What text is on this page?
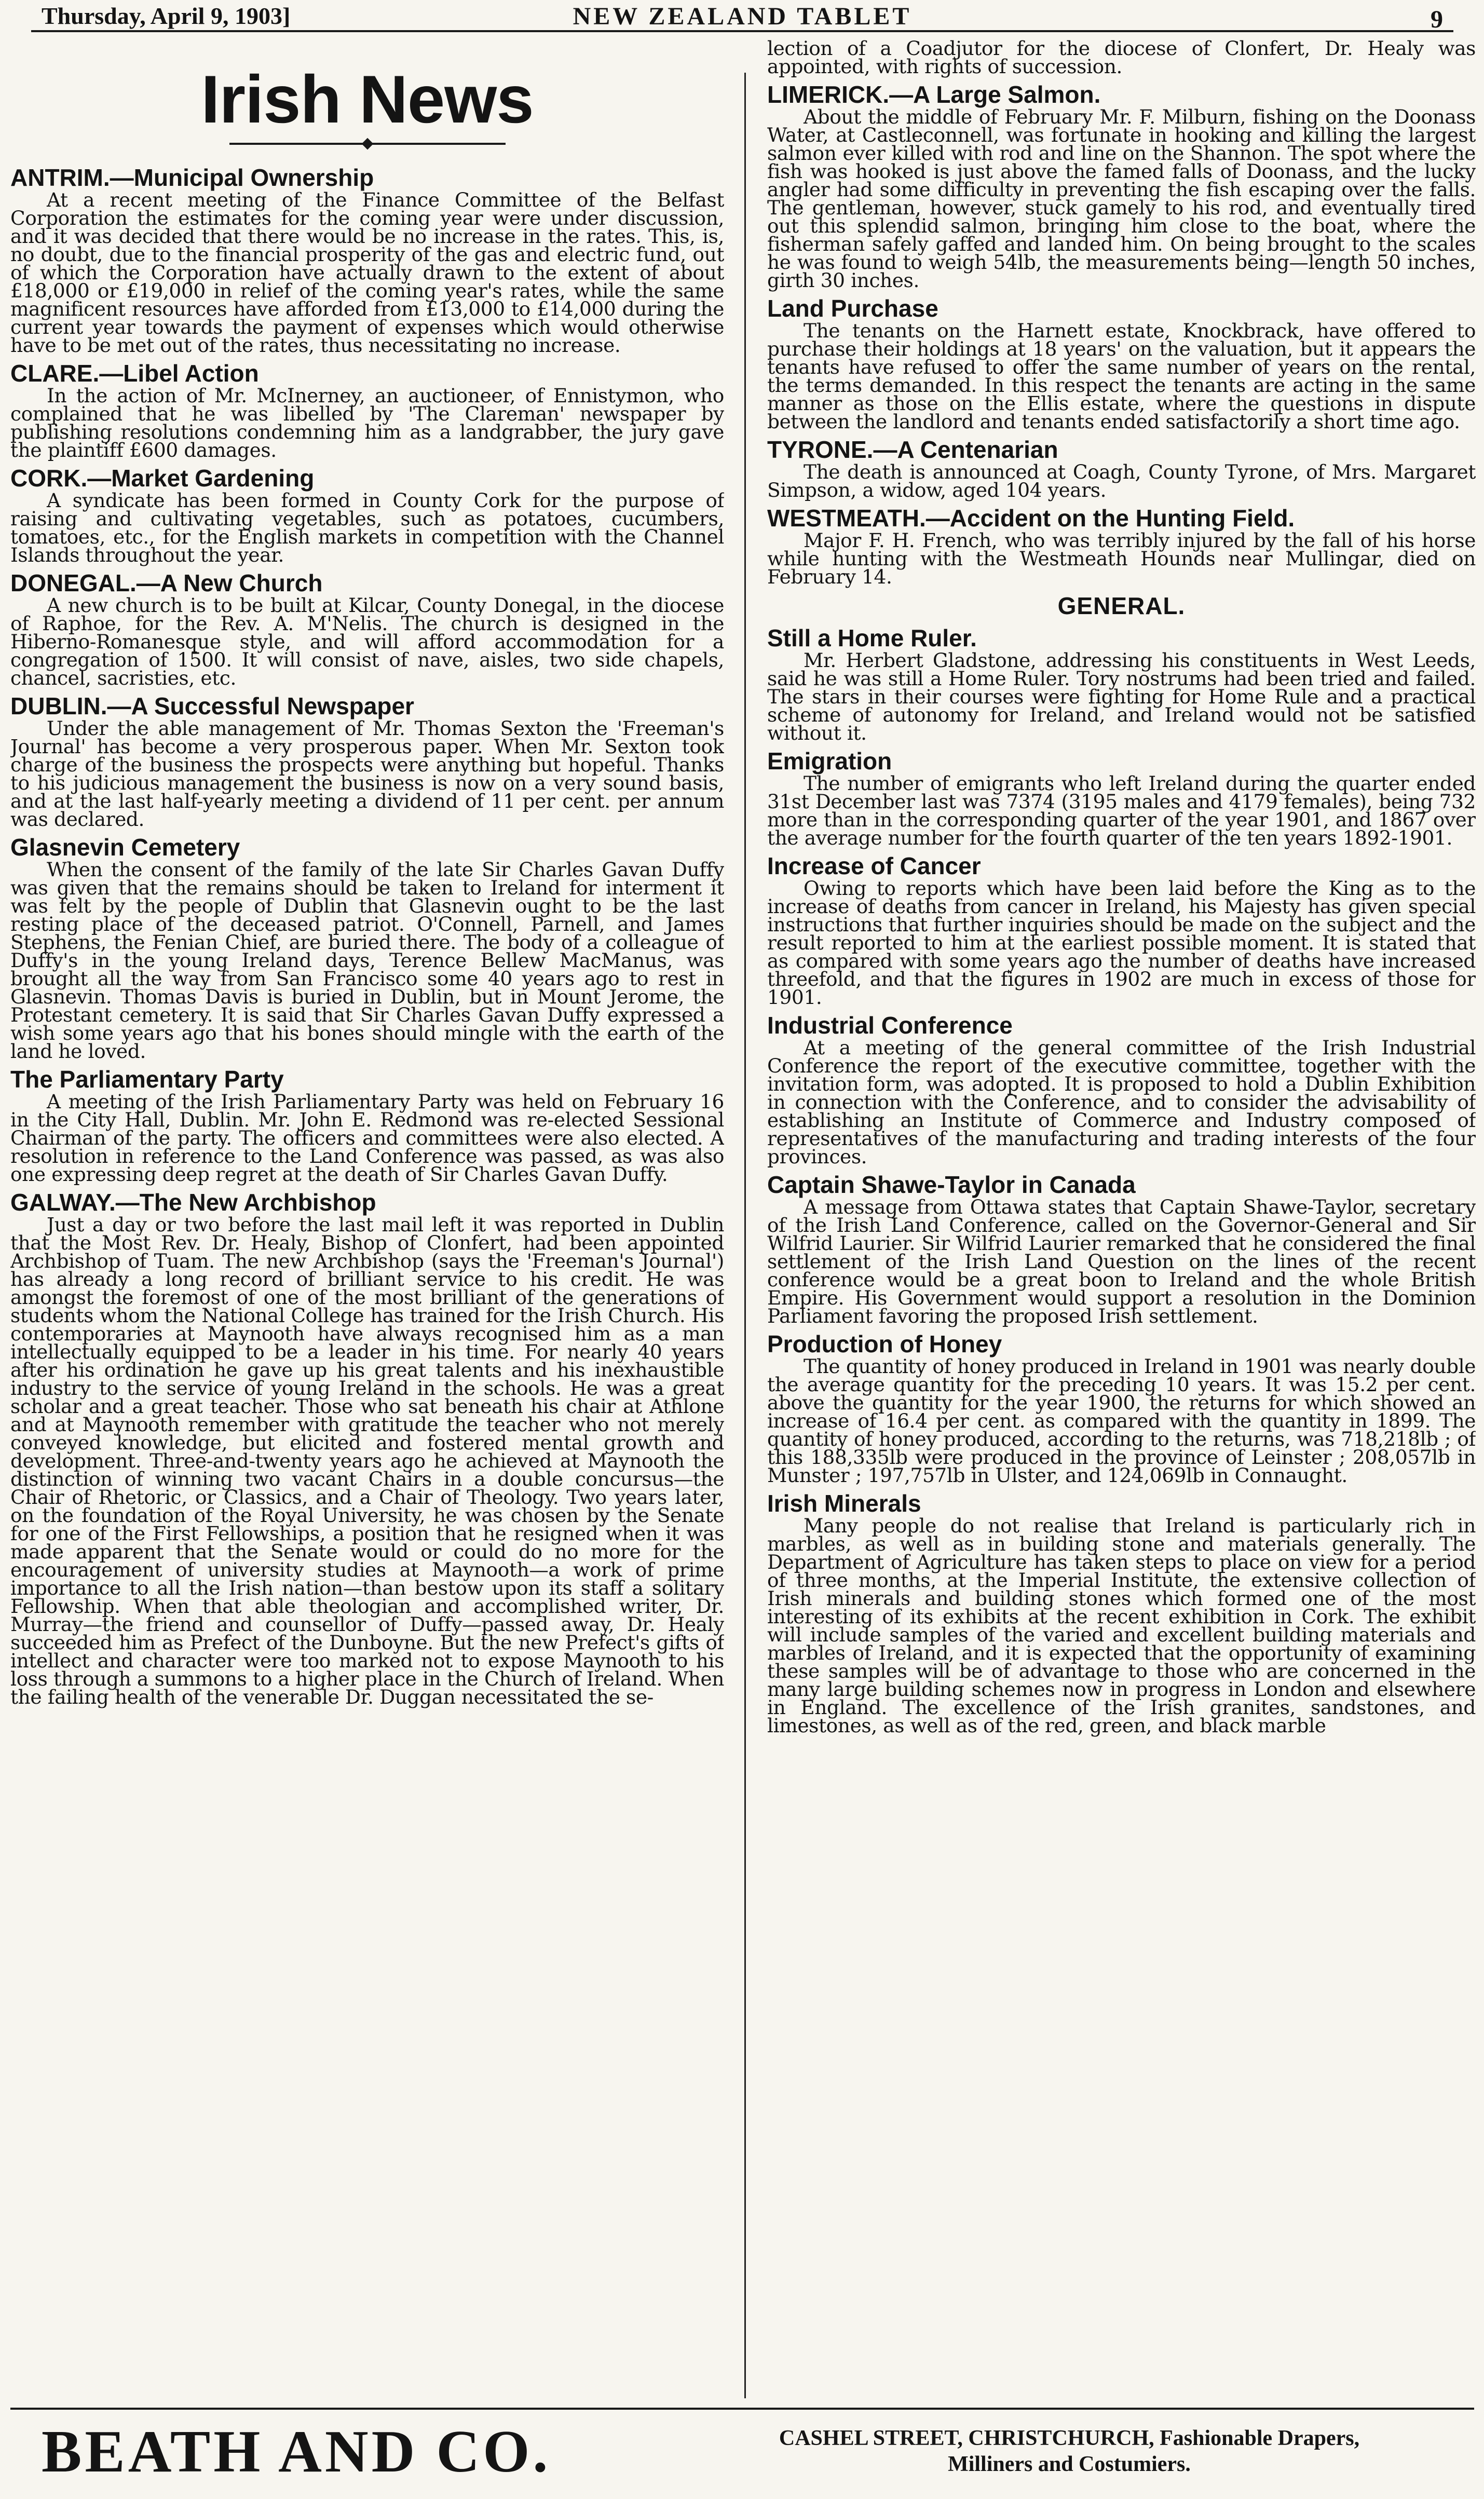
Thursday, April 9, 1903]	NEW ZEALAND TABLET	9
Irish News
ANTRIM.—Municipal Ownership

At a recent meeting of the Finance Committee of the Belfast Corporation the estimates for the coming year were under discussion, and it was decided that there would be no increase in the rates. This, is, no doubt, due to the financial prosperity of the gas and electric fund, out of which the Corporation have actually drawn to the extent of about £18,000 or £19,000 in relief of the coming year's rates, while the same magnificent resources have afforded from £13,000 to £14,000 during the current year towards the payment of expenses which would otherwise have to be met out of the rates, thus necessitating no increase.

CLARE.—Libel Action

In the action of Mr. McInerney, an auctioneer, of Ennistymon, who complained that he was libelled by 'The Clareman' newspaper by publishing resolutions condemning him as a landgrabber, the jury gave the plaintiff £600 damages.

CORK.—Market Gardening

A syndicate has been formed in County Cork for the purpose of raising and cultivating vegetables, such as potatoes, cucumbers, tomatoes, etc., for the English markets in competition with the Channel Islands throughout the year.

DONEGAL.—A New Church

A new church is to be built at Kilcar, County Donegal, in the diocese of Raphoe, for the Rev. A. M'Nelis. The church is designed in the Hiberno-Romanesque style, and will afford accommodation for a congregation of 1500. It will consist of nave, aisles, two side chapels, chancel, sacristies, etc.

DUBLIN.—A Successful Newspaper

Under the able management of Mr. Thomas Sexton the 'Freeman's Journal' has become a very prosperous paper. When Mr. Sexton took charge of the business the prospects were anything but hopeful. Thanks to his judicious management the business is now on a very sound basis, and at the last half-yearly meeting a dividend of 11 per cent. per annum was declared.

Glasnevin Cemetery

When the consent of the family of the late Sir Charles Gavan Duffy was given that the remains should be taken to Ireland for interment it was felt by the people of Dublin that Glasnevin ought to be the last resting place of the deceased patriot. O'Connell, Parnell, and James Stephens, the Fenian Chief, are buried there. The body of a colleague of Duffy's in the young Ireland days, Terence Bellew MacManus, was brought all the way from San Francisco some 40 years ago to rest in Glasnevin. Thomas Davis is buried in Dublin, but in Mount Jerome, the Protestant cemetery. It is said that Sir Charles Gavan Duffy expressed a wish some years ago that his bones should mingle with the earth of the land he loved.

The Parliamentary Party

A meeting of the Irish Parliamentary Party was held on February 16 in the City Hall, Dublin. Mr. John E. Redmond was re-elected Sessional Chairman of the party. The officers and committees were also elected. A resolution in reference to the Land Conference was passed, as was also one expressing deep regret at the death of Sir Charles Gavan Duffy.

GALWAY.—The New Archbishop

Just a day or two before the last mail left it was reported in Dublin that the Most Rev. Dr. Healy, Bishop of Clonfert, had been appointed Archbishop of Tuam. The new Archbishop (says the 'Freeman's Journal') has already a long record of brilliant service to his credit. He was amongst the foremost of one of the most brilliant of the generations of students whom the National College has trained for the Irish Church. His contemporaries at Maynooth have always recognised him as a man intellectually equipped to be a leader in his time. For nearly 40 years after his ordination he gave up his great talents and his inexhaustible industry to the service of young Ireland in the schools. He was a great scholar and a great teacher. Those who sat beneath his chair at Athlone and at Maynooth remember with gratitude the teacher who not merely conveyed knowledge, but elicited and fostered mental growth and development. Three-and-twenty years ago he achieved at Maynooth the distinction of winning two vacant Chairs in a double concursus—the Chair of Rhetoric, or Classics, and a Chair of Theology. Two years later, on the foundation of the Royal University, he was chosen by the Senate for one of the First Fellowships, a position that he resigned when it was made apparent that the Senate would or could do no more for the encouragement of university studies at Maynooth—a work of prime importance to all the Irish nation—than bestow upon its staff a solitary Fellowship. When that able theologian and accomplished writer, Dr. Murray—the friend and counsellor of Duffy—passed away, Dr. Healy succeeded him as Prefect of the Dunboyne. But the new Prefect's gifts of intellect and character were too marked not to expose Maynooth to his loss through a summons to a higher place in the Church of Ireland. When the failing health of the venerable Dr. Duggan necessitated the se-

lection of a Coadjutor for the diocese of Clonfert, Dr. Healy was appointed, with rights of succession.

LIMERICK.—A Large Salmon.

About the middle of February Mr. F. Milburn, fishing on the Doonass Water, at Castleconnell, was fortunate in hooking and killing the largest salmon ever killed with rod and line on the Shannon. The spot where the fish was hooked is just above the famed falls of Doonass, and the lucky angler had some difficulty in preventing the fish escaping over the falls. The gentleman, however, stuck gamely to his rod, and eventually tired out this splendid salmon, bringing him close to the boat, where the fisherman safely gaffed and landed him. On being brought to the scales he was found to weigh 54lb, the measurements being—length 50 inches, girth 30 inches.

Land Purchase

The tenants on the Harnett estate, Knockbrack, have offered to purchase their holdings at 18 years' on the valuation, but it appears the tenants have refused to offer the same number of years on the rental, the terms demanded. In this respect the tenants are acting in the same manner as those on the Ellis estate, where the questions in dispute between the landlord and tenants ended satisfactorily a short time ago.

TYRONE.—A Centenarian

The death is announced at Coagh, County Tyrone, of Mrs. Margaret Simpson, a widow, aged 104 years.

WESTMEATH.—Accident on the Hunting Field.

Major F. H. French, who was terribly injured by the fall of his horse while hunting with the Westmeath Hounds near Mullingar, died on February 14.

GENERAL.
Still a Home Ruler.

Mr. Herbert Gladstone, addressing his constituents in West Leeds, said he was still a Home Ruler. Tory nostrums had been tried and failed. The stars in their courses were fighting for Home Rule and a practical scheme of autonomy for Ireland, and Ireland would not be satisfied without it.

Emigration

The number of emigrants who left Ireland during the quarter ended 31st December last was 7374 (3195 males and 4179 females), being 732 more than in the corresponding quarter of the year 1901, and 1867 over the average number for the fourth quarter of the ten years 1892-1901.

Increase of Cancer

Owing to reports which have been laid before the King as to the increase of deaths from cancer in Ireland, his Majesty has given special instructions that further inquiries should be made on the subject and the result reported to him at the earliest possible moment. It is stated that as compared with some years ago the number of deaths have increased threefold, and that the figures in 1902 are much in excess of those for 1901.

Industrial Conference

At a meeting of the general committee of the Irish Industrial Conference the report of the executive committee, together with the invitation form, was adopted. It is proposed to hold a Dublin Exhibition in connection with the Conference, and to consider the advisability of establishing an Institute of Commerce and Industry composed of representatives of the manufacturing and trading interests of the four provinces.

Captain Shawe-Taylor in Canada

A message from Ottawa states that Captain Shawe-Taylor, secretary of the Irish Land Conference, called on the Governor-General and Sir Wilfrid Laurier. Sir Wilfrid Laurier remarked that he considered the final settlement of the Irish Land Question on the lines of the recent conference would be a great boon to Ireland and the whole British Empire. His Government would support a resolution in the Dominion Parliament favoring the proposed Irish settlement.

Production of Honey

The quantity of honey produced in Ireland in 1901 was nearly double the average quantity for the preceding 10 years. It was 15.2 per cent. above the quantity for the year 1900, the returns for which showed an increase of 16.4 per cent. as compared with the quantity in 1899. The quantity of honey produced, according to the returns, was 718,218lb ; of this 188,335lb were produced in the province of Leinster ; 208,057lb in Munster ; 197,757lb in Ulster, and 124,069lb in Connaught.

Irish Minerals

Many people do not realise that Ireland is particularly rich in marbles, as well as in building stone and materials generally. The Department of Agriculture has taken steps to place on view for a period of three months, at the Imperial Institute, the extensive collection of Irish minerals and building stones which formed one of the most interesting of its exhibits at the recent exhibition in Cork. The exhibit will include samples of the varied and excellent building materials and marbles of Ireland, and it is expected that the opportunity of examining these samples will be of advantage to those who are concerned in the many large building schemes now in progress in London and elsewhere in England. The excellence of the Irish granites, sandstones, and limestones, as well as of the red, green, and black marble

BEATH AND CO.	CASHEL STREET, CHRISTCHURCH, Fashionable Drapers,
Milliners and Costumiers.
